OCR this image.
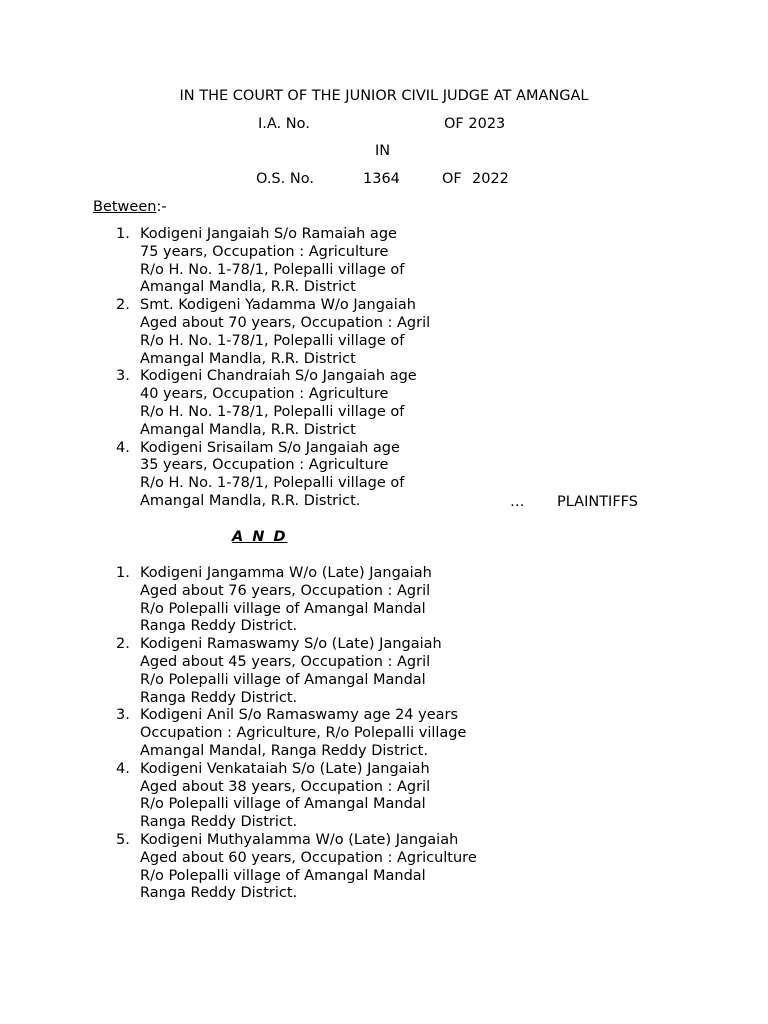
IN THE COURT OF THE JUNIOR CIVIL JUDGE AT AMANGAL
I.A. No.	OF 2023
IN
O.S. No.	1364	OF 2022
Between:-
1. Kodigeni Jangaiah S/o Ramaiah age
75 years, Occupation : Agriculture
R/o H. No. 1-78/1, Polepalli village of
Amangal Mandla, R.R. District
2. Smt. Kodigeni Yadamma W/o Jangaiah
Aged about 70 years, Occupation : Agril
R/o H. No. 1-78/1, Polepalli village of
Amangal Mandla, R.R. District
3. Kodigeni Chandraiah S/o Jangaiah age
40 years, Occupation : Agriculture
R/o H. No. 1-78/1, Polepalli village of
Amangal Mandla, R.R. District
4. Kodigeni Srisailam S/o Jangaiah age
35 years, Occupation : Agriculture
R/o H. No. 1-78/1, Polepalli village of
Amangal Mandla, R.R. District.	… PLAINTIFFS
A N D
1. Kodigeni Jangamma W/o (Late) Jangaiah
Aged about 76 years, Occupation : Agril
R/o Polepalli village of Amangal Mandal
Ranga Reddy District.
2. Kodigeni Ramaswamy S/o (Late) Jangaiah
Aged about 45 years, Occupation : Agril
R/o Polepalli village of Amangal Mandal
Ranga Reddy District.
3. Kodigeni Anil S/o Ramaswamy age 24 years
Occupation : Agriculture, R/o Polepalli village
Amangal Mandal, Ranga Reddy District.
4. Kodigeni Venkataiah S/o (Late) Jangaiah
Aged about 38 years, Occupation : Agril
R/o Polepalli village of Amangal Mandal
Ranga Reddy District.
5. Kodigeni Muthyalamma W/o (Late) Jangaiah
Aged about 60 years, Occupation : Agriculture
R/o Polepalli village of Amangal Mandal
Ranga Reddy District.
